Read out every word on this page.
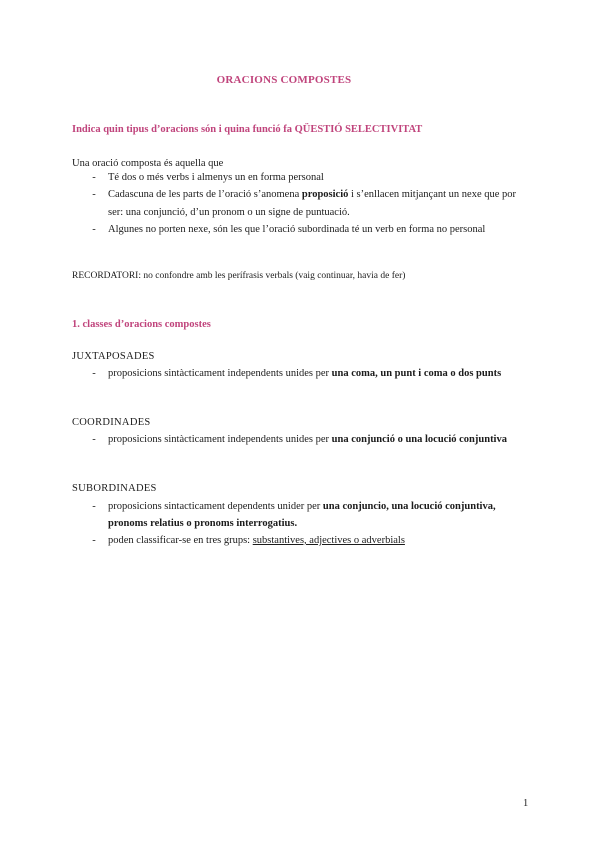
ORACIONS COMPOSTES
Indica quin tipus d’oracions són i quina funció fa QÜESTIÓ SELECTIVITAT
Una oració composta és aquella que
-	Té dos o més verbs i almenys un en forma personal
-	Cadascuna de les parts de l’oració s’anomena proposició i s’enllacen mitjançant un nexe que por
ser: una conjunció, d’un pronom o un signe de puntuació.
-	Algunes no porten nexe, són les que l’oració subordinada té un verb en forma no personal
RECORDATORI: no confondre amb les perífrasis verbals (vaig continuar, havia de fer)
1. classes d’oracions compostes
JUXTAPOSADES
-	proposicions sintàcticament independents unides per una coma, un punt i coma o dos punts
COORDINADES
-	proposicions sintàcticament independents unides per una conjunció o una locució conjuntiva
SUBORDINADES
-	proposicions sintacticament dependents unider per una conjuncio, una locució conjuntiva,
pronoms relatius o pronoms interrogatius.
-	poden classificar-se en tres grups: substantives, adjectives o adverbials
1
